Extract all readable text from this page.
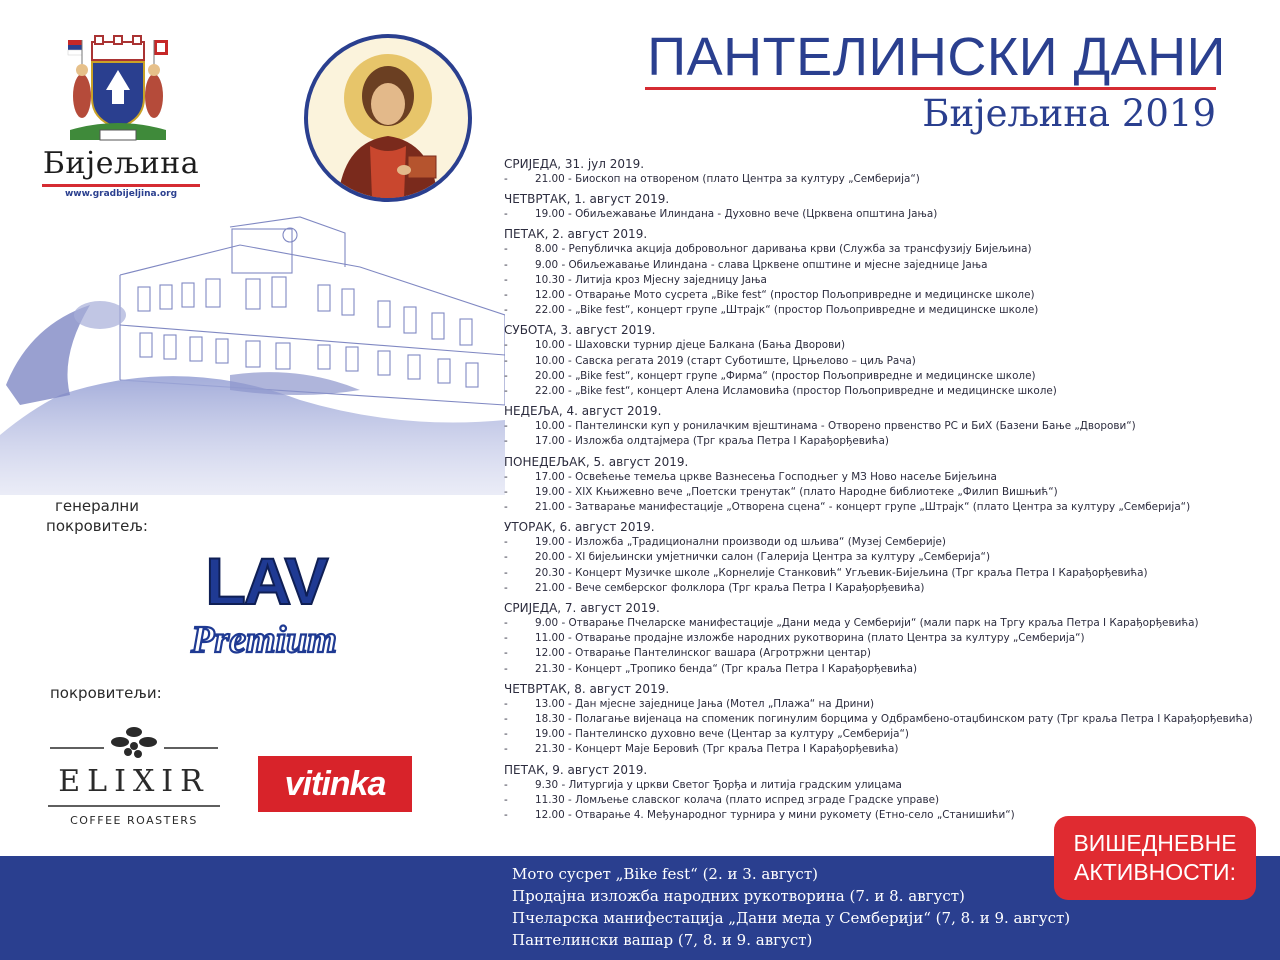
Бијељина
www.gradbijeljina.org
генерални
покровитељ:
LAV
Premium
покровитељи:
ELIXIR
COFFEE ROASTERS
vitinka
ПАНТЕЛИНСКИ ДАНИ
Бијељина 2019
СРИЈЕДА, 31. јул 2019.
-	21.00 - Биоскоп на отвореном (плато Центра за културу „Семберија“)
ЧЕТВРТАК, 1. август 2019.
-	19.00 - Обиљежавање Илиндана - Духовно вече (Црквена општина Јања)
ПЕТАК, 2. август 2019.
-	8.00 - Републичка акција добровољног даривања крви (Служба за трансфузију Бијељина)
-	9.00 - Обиљежавање Илиндана - слава Црквене општине и мјесне заједнице Јања
-	10.30 - Литија кроз Мјесну заједницу Јања
-	12.00 - Отварање Мото сусрета „Bike fest“ (простор Пољопривредне и медицинске школе)
-	22.00 - „Bike fest“, концерт групе „Штрајк“ (простор Пољопривредне и медицинске школе)
СУБОТА, 3. август 2019.
-	10.00 - Шаховски турнир дјеце Балкана (Бања Дворови)
-	10.00 - Савска регата 2019 (старт Суботиште, Црњелово – циљ Рача)
-	20.00 - „Bike fest“, концерт групе „Фирма“ (простор Пољопривредне и медицинске школе)
-	22.00 - „Bike fest“, концерт Алена Исламовића (простор Пољопривредне и медицинске школе)
НЕДЕЉА, 4. август 2019.
-	10.00 - Пантелински куп у ронилачким вјештинама - Отворено првенство РС и БиХ (Базени Бање „Дворови“)
-	17.00 - Изложба олдтајмера (Трг краља Петра I Карађорђевића)
ПОНЕДЕЉАК, 5. август 2019.
-	17.00 - Освећење темеља цркве Вазнесења Господњег у МЗ Ново насеље Бијељина
-	19.00 - XIX Књижевно вече „Поетски тренутак“ (плато Народне библиотеке „Филип Вишњић“)
-	21.00 - Затварање манифестације „Отворена сцена“ - концерт групе „Штрајк“ (плато Центра за културу „Семберија“)
УТОРАК, 6. август 2019.
-	19.00 - Изложба „Традиционални производи од шљива“ (Музеј Семберије)
-	20.00 - XI бијељински умјетнички салон (Галерија Центра за културу „Семберија“)
-	20.30 - Концерт Музичке школе „Корнелије Станковић“ Угљевик-Бијељина (Трг краља Петра I Карађорђевића)
-	21.00 - Вече семберског фолклора (Трг краља Петра I Карађорђевића)
СРИЈЕДА, 7. август 2019.
-	9.00 - Отварање Пчеларске манифестације „Дани меда у Семберији“ (мали парк на Тргу краља Петра I Карађорђевића)
-	11.00 - Отварање продајне изложбе народних рукотворина (плато Центра за културу „Семберија“)
-	12.00 - Отварање Пантелинског вашара (Агротржни центар)
-	21.30 - Концерт „Тропико бенда“ (Трг краља Петра I Карађорђевића)
ЧЕТВРТАК, 8. август 2019.
-	13.00 - Дан мјесне заједнице Јања (Мотел „Плажа“ на Дрини)
-	18.30 - Полагање вијенаца на споменик погинулим борцима у Одбрамбено-отаџбинском рату (Трг краља Петра I Карађорђевића)
-	19.00 - Пантелинско духовно вече (Центар за културу „Семберија“)
-	21.30 - Концерт Маје Беровић (Трг краља Петра I Карађорђевића)
ПЕТАК, 9. август 2019.
-	9.30 - Литургија у цркви Светог Ђорђа и литија градским улицама
-	11.30 - Ломљење славског колача (плато испред зграде Градске управе)
-	12.00 - Отварање 4. Међународног турнира у мини рукомету (Етно-село „Станишићи“)
Мото сусрет „Bike fest“ (2. и 3. август)
Продајна изложба народних рукотворина (7. и 8. август)
Пчеларска манифестација „Дани меда у Семберији“ (7, 8. и 9. август)
Пантелински вашар (7, 8. и 9. август)
ВИШЕДНЕВНЕ
АКТИВНОСТИ:
